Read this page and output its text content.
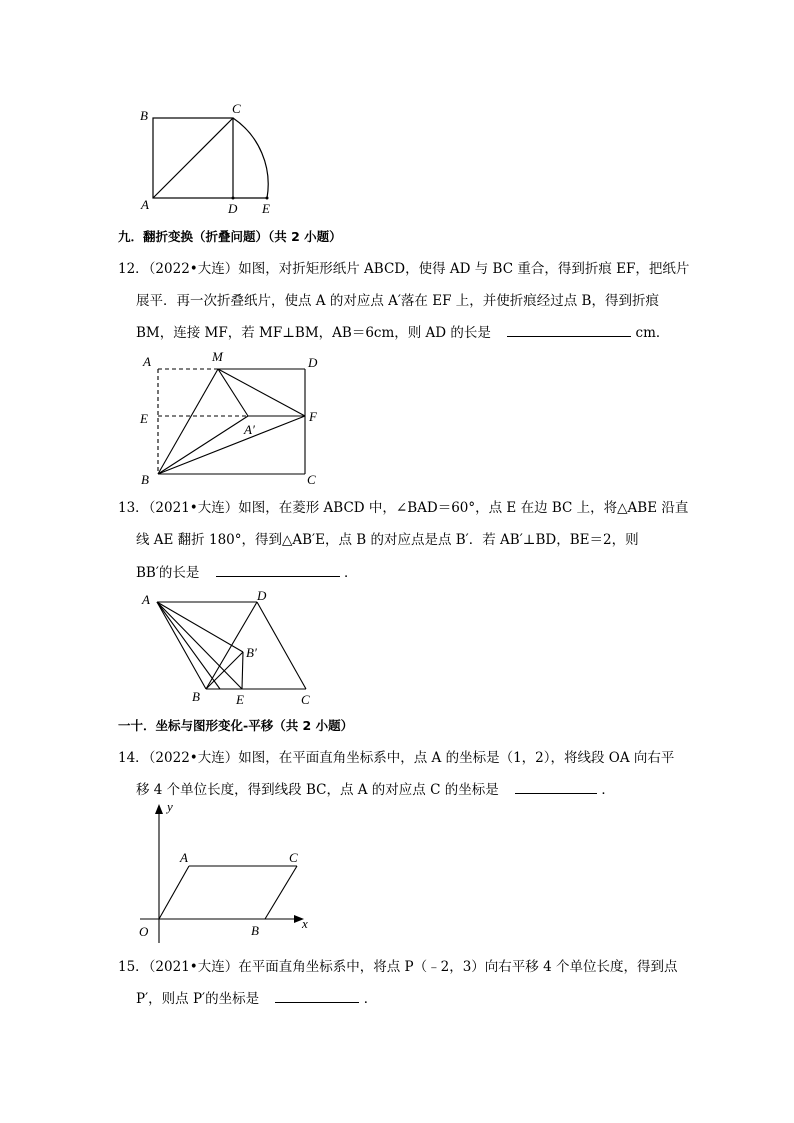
A
B	C
D E
九．翻折变换（折叠问题）（共 2 小题）
12．（2022•大连）如图，对折矩形纸片 ABCD，使得 AD 与 BC 重合，得到折痕 EF，把纸片
展平．再一次折叠纸片，使点 A 的对应点 A′落在 EF 上，并使折痕经过点 B，得到折痕
BM，连接 MF，若 MF⊥BM，AB＝6cm，则 AD 的长是	cm．
A	M	D
E	F
A′
B	C
13．（2021•大连）如图，在菱形 ABCD 中，∠BAD＝60°，点 E 在边 BC 上，将△ABE 沿直
线 AE 翻折 180°，得到△AB′E，点 B 的对应点是点 B′．若 AB′⊥BD，BE＝2，则
BB′的长是	．
A	D
B′
B	E	C
一十．坐标与图形变化-平移（共 2 小题）
14．（2022•大连）如图，在平面直角坐标系中，点 A 的坐标是（1，2），将线段 OA 向右平
移 4 个单位长度，得到线段 BC，点 A 的对应点 C 的坐标是	．
y
x
O
A
B
C
15．（2021•大连）在平面直角坐标系中，将点 P（﹣2，3）向右平移 4 个单位长度，得到点
P′，则点 P′的坐标是	．
